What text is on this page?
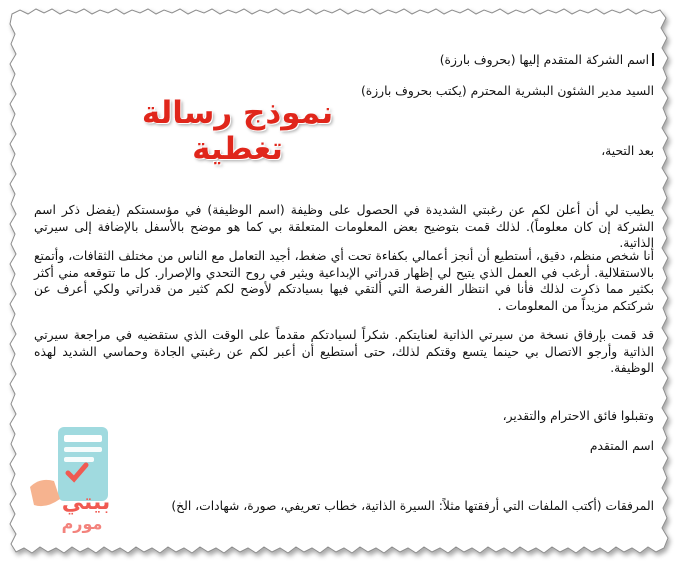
اسم الشركة المتقدم إليها (بحروف بارزة)
السيد مدير الشئون البشرية المحترم (يكتب بحروف بارزة)
بعد التحية،
يطيب لي أن أعلن لكم عن رغبتي الشديدة في الحصول على وظيفة (اسم الوظيفة) في مؤسستكم (يفضل ذكر اسم الشركة إن كان معلوماً). لذلك قمت بتوضيح بعض المعلومات المتعلقة بي كما هو موضح بالأسفل بالإضافة إلى سيرتي الذاتية.
أنا شخص منظم، دقيق، أستطيع أن أنجز أعمالي بكفاءة تحت أي ضغط، أجيد التعامل مع الناس من مختلف الثقافات، وأتمتع بالاستقلالية. أرغب في العمل الذي يتيح لي إظهار قدراتي الإبداعية ويثير في روح التحدي والإصرار. كل ما تتوقعه مني أكثر بكثير مما ذكرت لذلك فأنا في انتظار الفرصة التي ألتقي فيها بسيادتكم لأوضح لكم كثير من قدراتي ولكي أعرف عن شركتكم مزيداً من المعلومات .
قد قمت بإرفاق نسخة من سيرتي الذاتية لعنايتكم. شكراً لسيادتكم مقدماً على الوقت الذي ستقضيه في مراجعة سيرتي الذاتية وأرجو الاتصال بي حينما يتسع وقتكم لذلك، حتى أستطيع أن أعبر لكم عن رغبتي الجادة وحماسي الشديد لهذه الوظيفة.
وتقبلوا فائق الاحترام والتقدير،
اسم المتقدم
المرفقات (أكتب الملفات التي أرفقتها مثلاً: السيرة الذاتية، خطاب تعريفي، صورة، شهادات، الخ)
نموذج رسالة تغطية
بيتي
مورم
